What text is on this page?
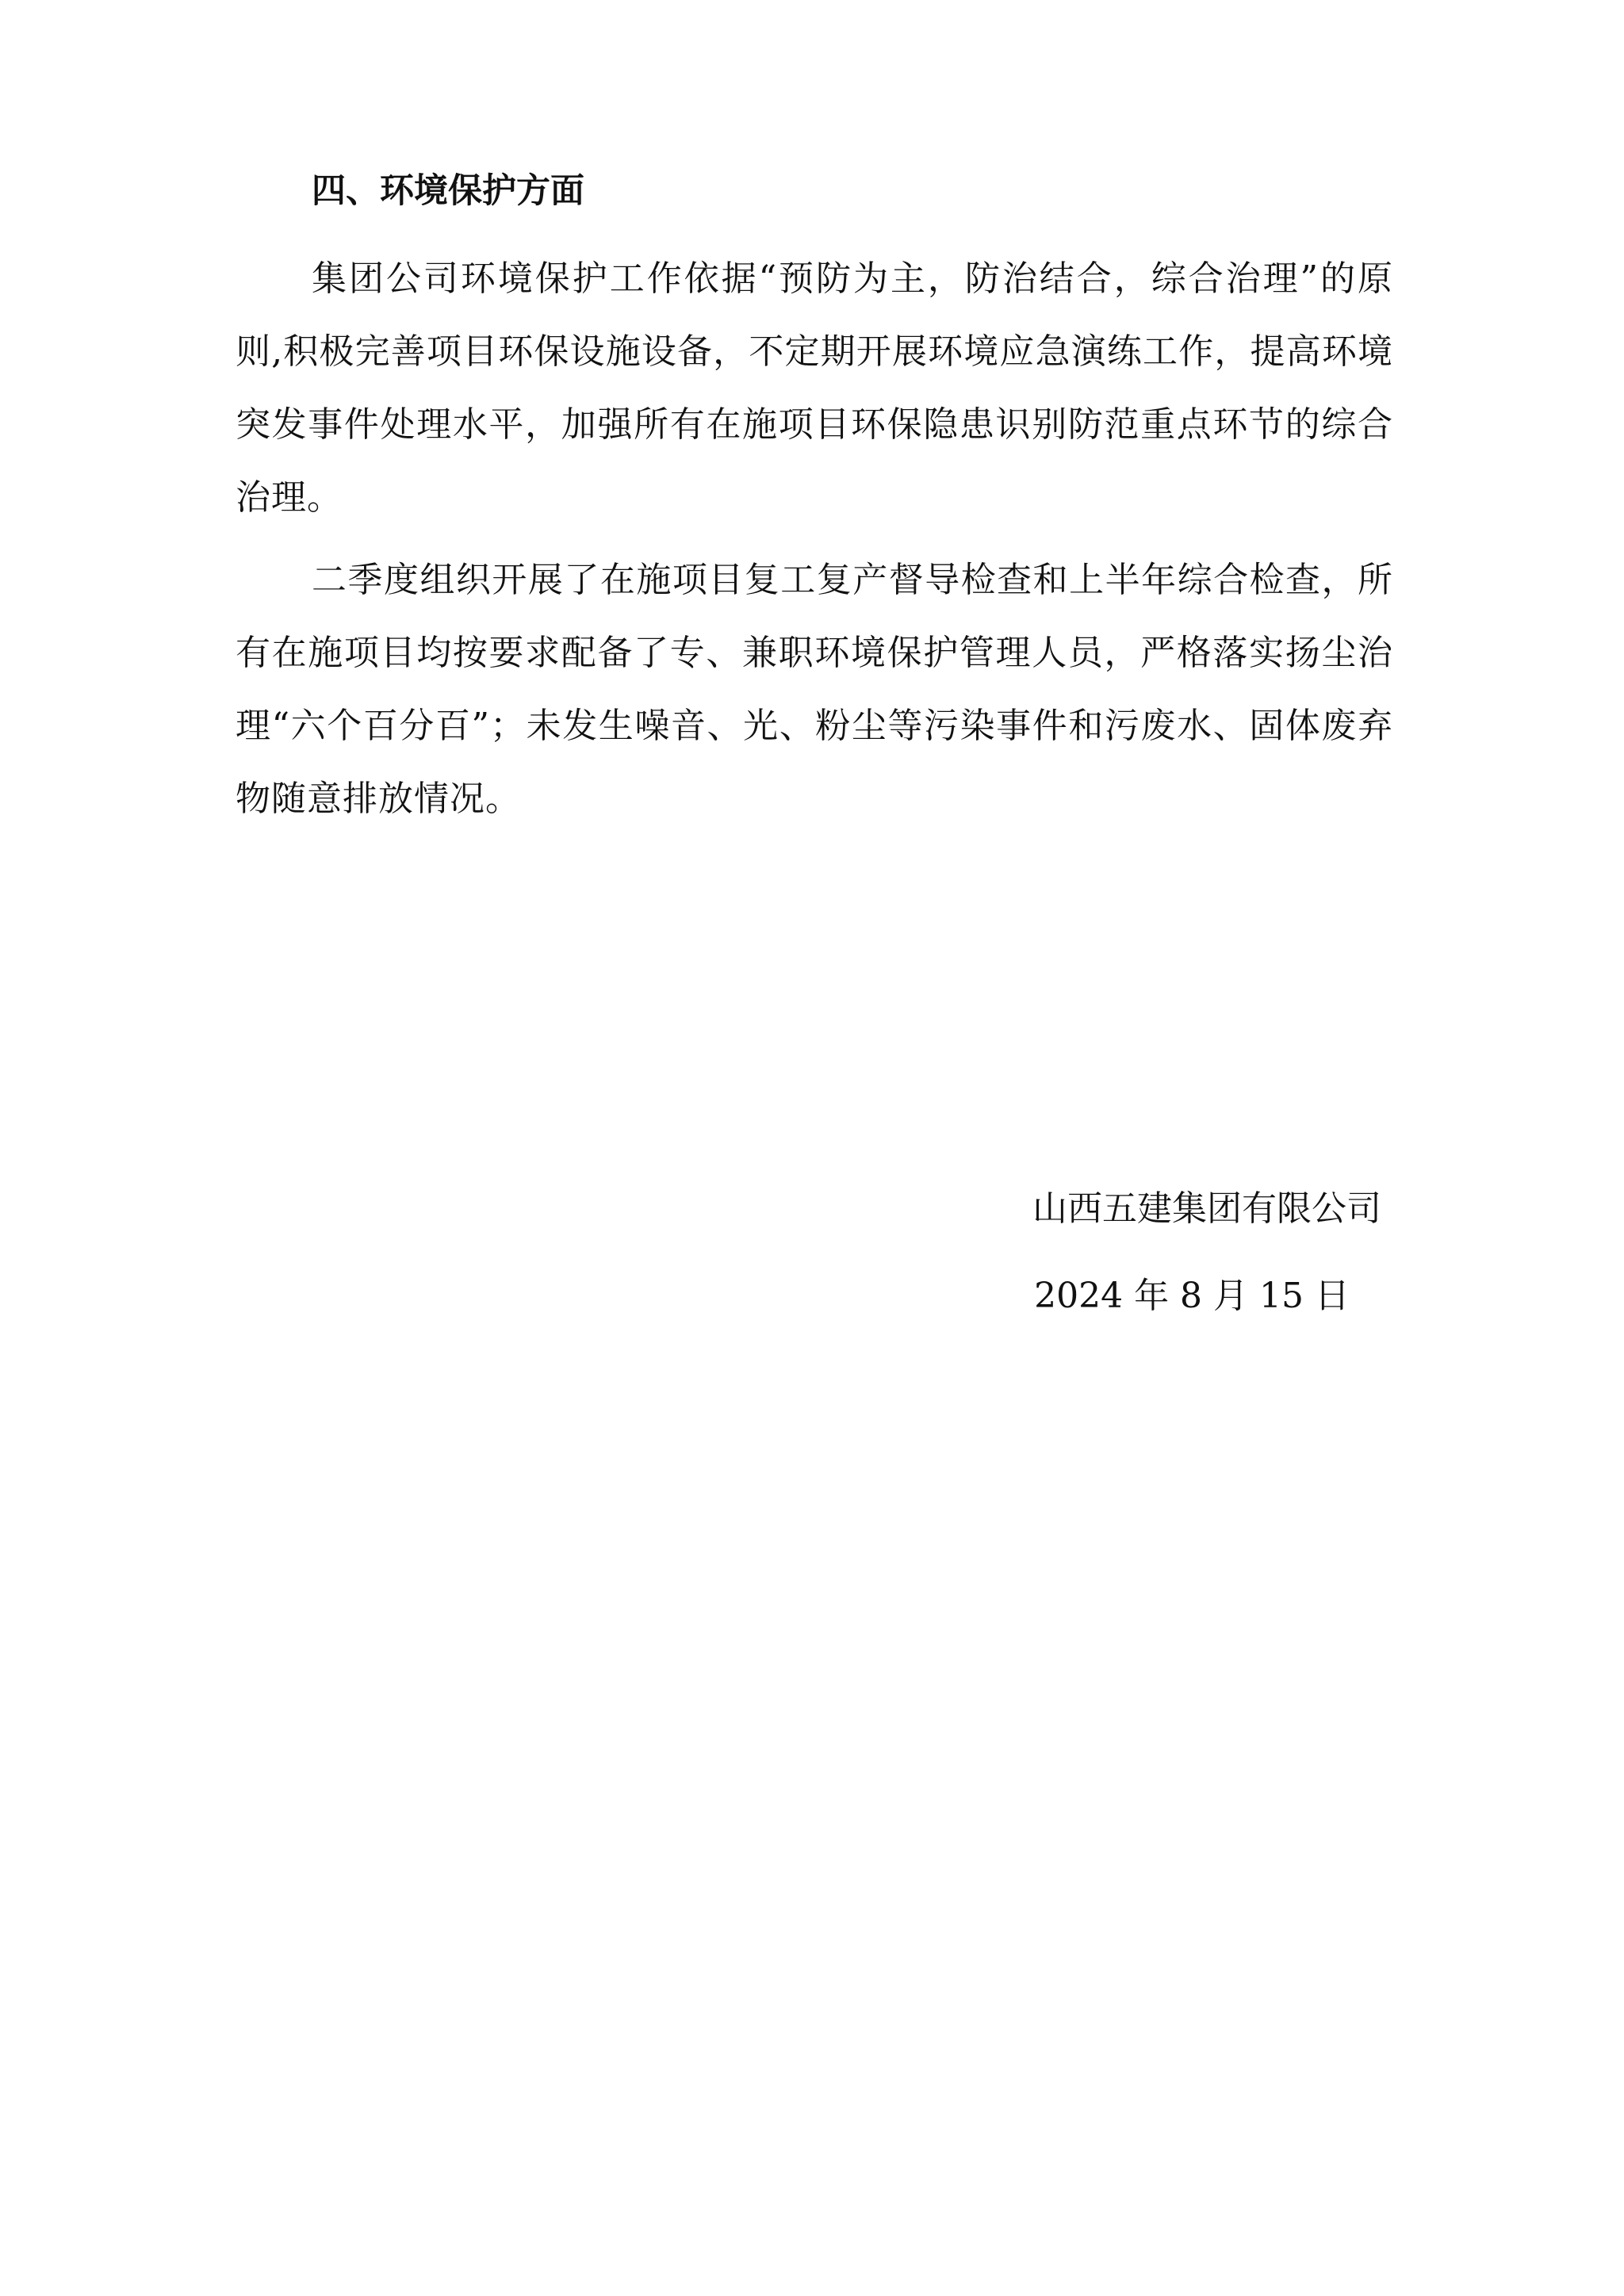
四、环境保护方面

集团公司环境保护工作依据“预防为主，防治结合，综合治理”的原则,积极完善项目环保设施设备，不定期开展环境应急演练工作，提高环境突发事件处理水平，加强所有在施项目环保隐患识别防范重点环节的综合治理。

二季度组织开展了在施项目复工复产督导检查和上半年综合检查，所有在施项目均按要求配备了专、兼职环境保护管理人员，严格落实扬尘治理“六个百分百”；未发生噪音、光、粉尘等污染事件和污废水、固体废弃物随意排放情况。

山西五建集团有限公司

2024 年 8 月 15 日
